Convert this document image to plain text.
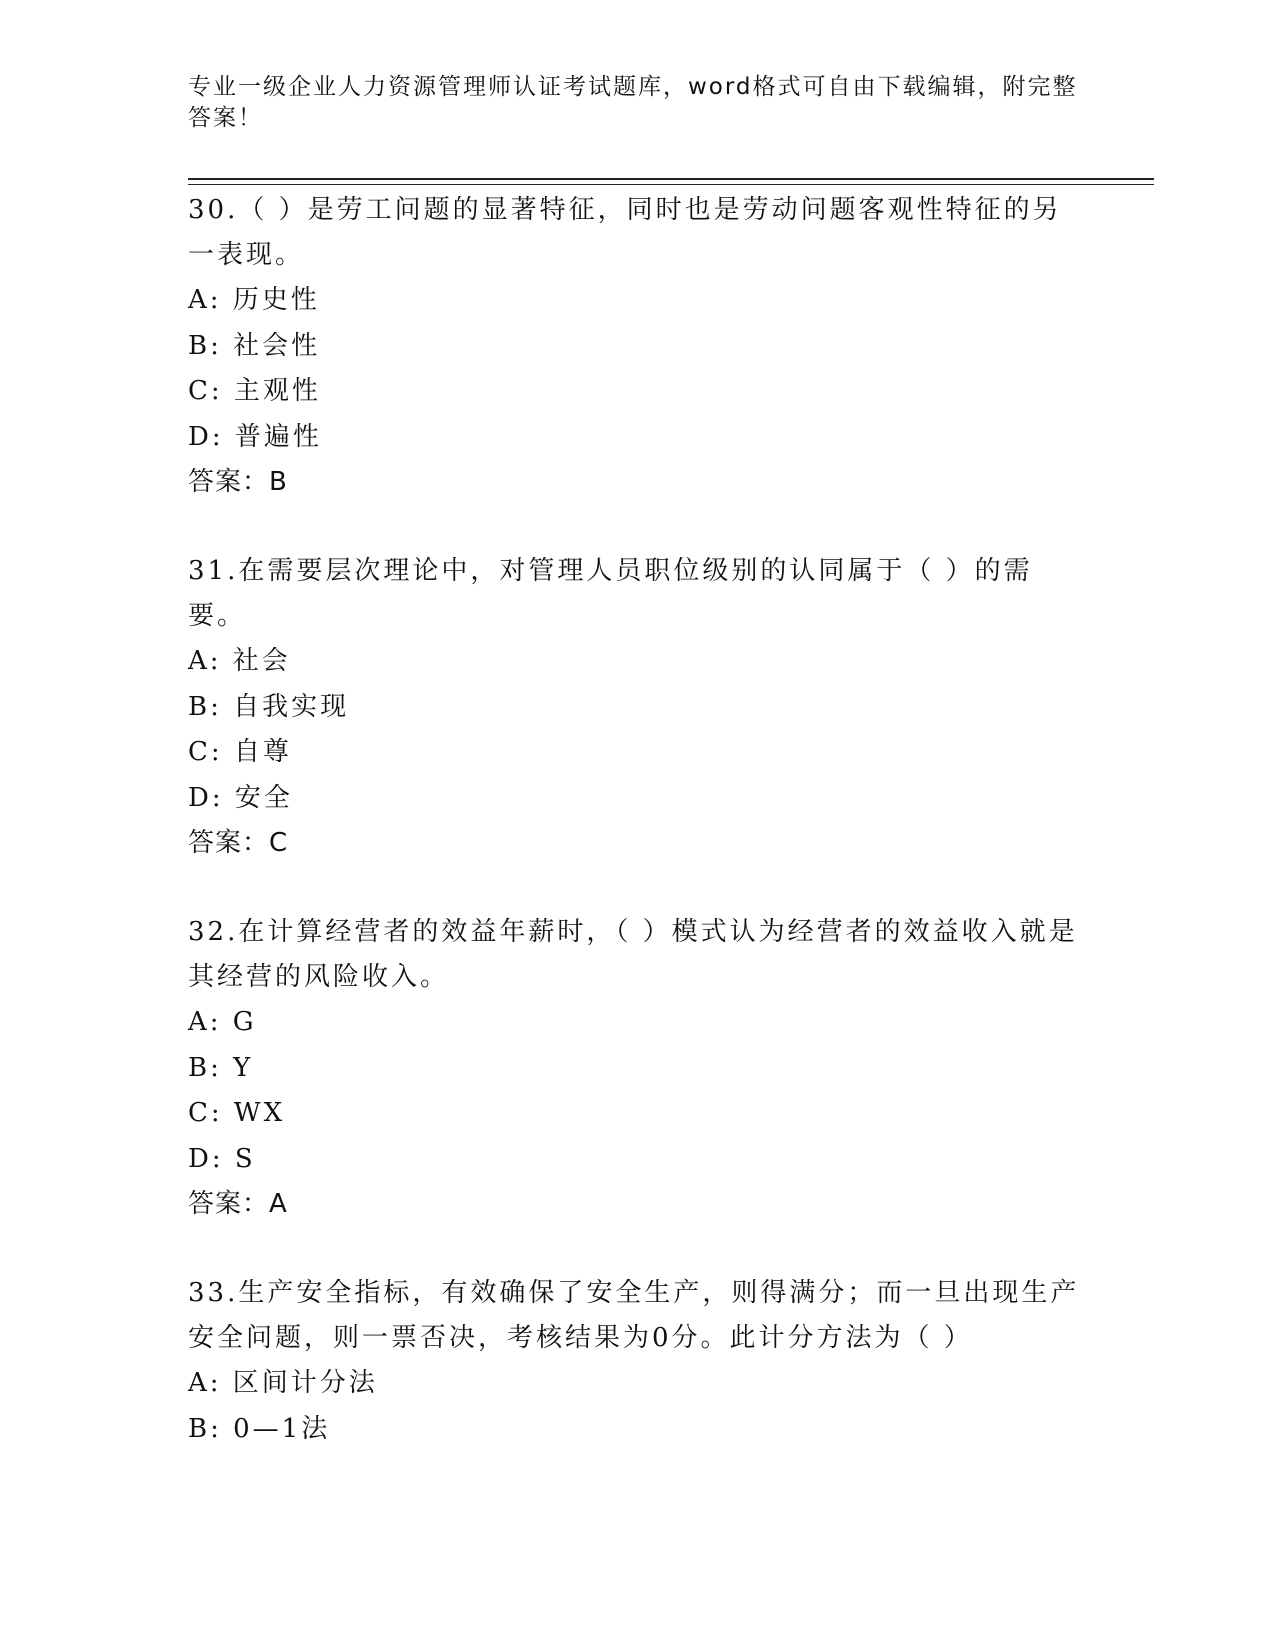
专业一级企业人力资源管理师认证考试题库，word格式可自由下载编辑，附完整答案！

30.（ ）是劳工问题的显著特征，同时也是劳动问题客观性特征的另一表现。

A: 历史性

B: 社会性

C: 主观性

D: 普遍性

答案：B

31.在需要层次理论中，对管理人员职位级别的认同属于（ ）的需要。

A: 社会

B: 自我实现

C: 自尊

D: 安全

答案：C

32.在计算经营者的效益年薪时，（ ）模式认为经营者的效益收入就是其经营的风险收入。

A: G

B: Y

C: WX

D: S

答案：A

33.生产安全指标，有效确保了安全生产，则得满分；而一旦出现生产安全问题，则一票否决，考核结果为0分。此计分方法为（ ）

A: 区间计分法

B: 0—1法
